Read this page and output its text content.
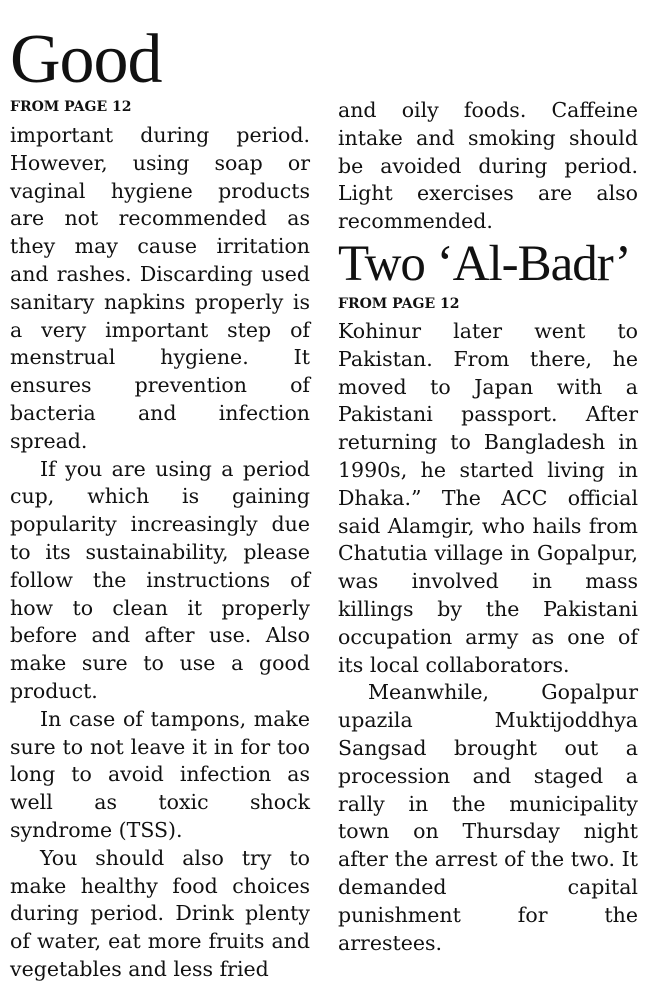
Good
FROM PAGE 12

important during period. However, using soap or vaginal hygiene products are not recommended as they may cause irritation and rashes. Discarding used sanitary napkins properly is a very important step of menstrual hygiene. It ensures prevention of bacteria and infection spread.

If you are using a period cup, which is gaining popularity increasingly due to its sustainability, please follow the instructions of how to clean it properly before and after use. Also make sure to use a good product.

In case of tampons, make sure to not leave it in for too long to avoid infection as well as toxic shock syndrome (TSS).

You should also try to make healthy food choices during period. Drink plenty of water, eat more fruits and vegetables and less fried

and oily foods. Caffeine intake and smoking should be avoided during period. Light exercises are also recommended.

Two ‘Al-Badr’
FROM PAGE 12

Kohinur later went to Pakistan. From there, he moved to Japan with a Pakistani passport. After returning to Bangladesh in 1990s, he started living in Dhaka.” The ACC official said Alamgir, who hails from Chatutia village in Gopalpur, was involved in mass killings by the Pakistani occupation army as one of its local collaborators.

Meanwhile, Gopalpur upazila Muktijoddhya Sangsad brought out a procession and staged a rally in the municipality town on Thursday night after the arrest of the two. It demanded capital punishment for the arrestees.
